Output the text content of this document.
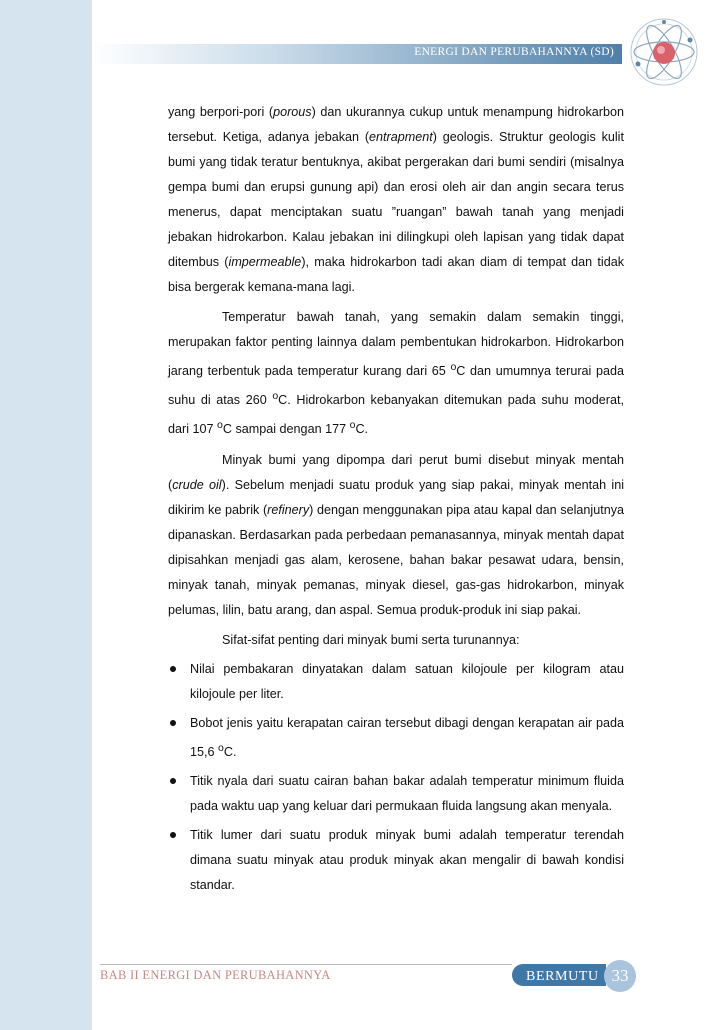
ENERGI DAN PERUBAHANNYA (SD)

yang berpori-pori (porous) dan ukurannya cukup untuk menampung hidrokarbon tersebut. Ketiga, adanya jebakan (entrapment) geologis. Struktur geologis kulit bumi yang tidak teratur bentuknya, akibat pergerakan dari bumi sendiri (misalnya gempa bumi dan erupsi gunung api) dan erosi oleh air dan angin secara terus menerus, dapat menciptakan suatu ”ruangan” bawah tanah yang menjadi jebakan hidrokarbon. Kalau jebakan ini dilingkupi oleh lapisan yang tidak dapat ditembus (impermeable), maka hidrokarbon tadi akan diam di tempat dan tidak bisa bergerak kemana-mana lagi.

Temperatur bawah tanah, yang semakin dalam semakin tinggi, merupakan faktor penting lainnya dalam pembentukan hidrokarbon. Hidrokarbon jarang terbentuk pada temperatur kurang dari 65 $^o$C dan umumnya terurai pada suhu di atas 260 $^o$C. Hidrokarbon kebanyakan ditemukan pada suhu moderat, dari 107 $^o$C sampai dengan 177 $^o$C.

Minyak bumi yang dipompa dari perut bumi disebut minyak mentah (crude oil). Sebelum menjadi suatu produk yang siap pakai, minyak mentah ini dikirim ke pabrik (refinery) dengan menggunakan pipa atau kapal dan selanjutnya dipanaskan. Berdasarkan pada perbedaan pemanasannya, minyak mentah dapat dipisahkan menjadi gas alam, kerosene, bahan bakar pesawat udara, bensin, minyak tanah, minyak pemanas, minyak diesel, gas-gas hidrokarbon, minyak pelumas, lilin, batu arang, dan aspal. Semua produk-produk ini siap pakai.

Sifat-sifat penting dari minyak bumi serta turunannya:

Nilai pembakaran dinyatakan dalam satuan kilojoule per kilogram atau kilojoule per liter.
Bobot jenis yaitu kerapatan cairan tersebut dibagi dengan kerapatan air pada 15,6 $^o$C.
Titik nyala dari suatu cairan bahan bakar adalah temperatur minimum fluida pada waktu uap yang keluar dari permukaan fluida langsung akan menyala.
Titik lumer dari suatu produk minyak bumi adalah temperatur terendah dimana suatu minyak atau produk minyak akan mengalir di bawah kondisi standar.
BAB II ENERGI DAN PERUBAHANNYA	BERMUTU 33
